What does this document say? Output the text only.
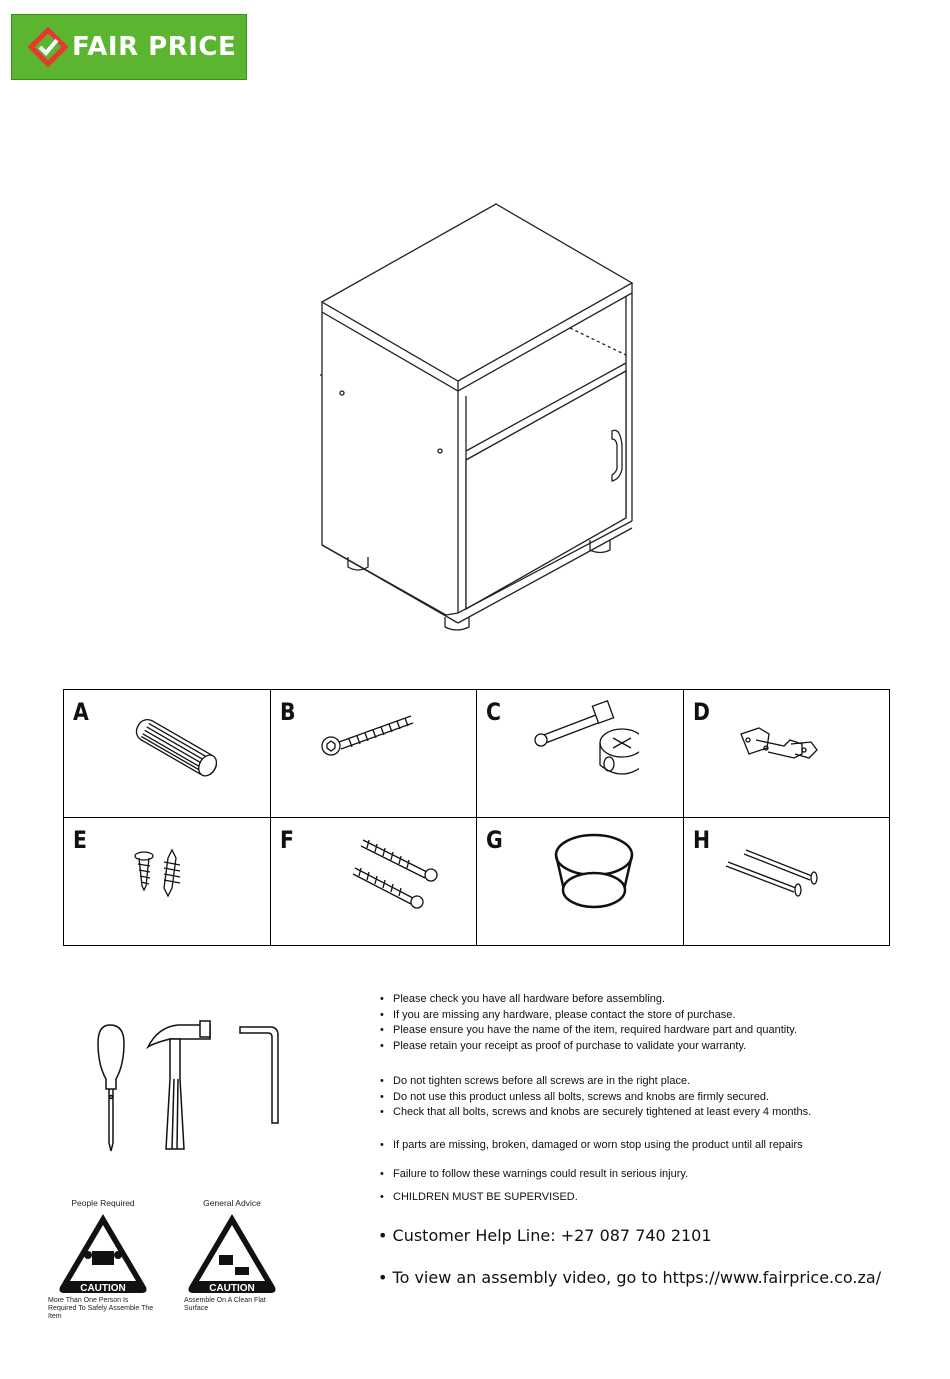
FAIR PRICE
A	B	C	D

E	F	G	H
• Please check you have all hardware before assembling.
• If you are missing any hardware, please contact the store of purchase.
• Please ensure you have the name of the item, required hardware part and quantity.
• Please retain your receipt as proof of purchase to validate your warranty.
• Do not tighten screws before all screws are in the right place.
• Do not use this product unless all bolts, screws and knobs are firmly secured.
• Check that all bolts, screws and knobs are securely tightened at least every 4 months.
• If parts are missing, broken, damaged or worn stop using the product until all repairs
• Failure to follow these warnings could result in serious injury.
• CHILDREN MUST BE SUPERVISED.
• Customer Help Line: +27 087 740 2101
• To view an assembly video, go to https://www.fairprice.co.za/
People Required
CAUTION
More Than One Person Is Required To Safely Assemble The Item
General Advice
CAUTION
Assemble On A Clean Flat Surface
